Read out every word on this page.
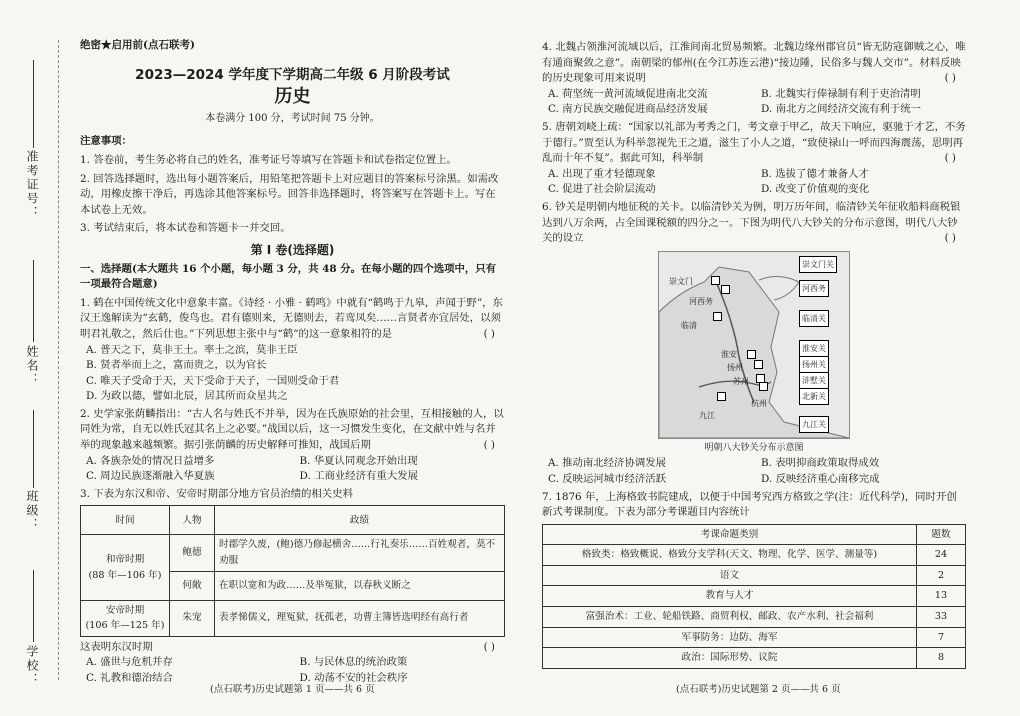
准考证号：
姓名：
班级：
学校：
绝密★启用前(点石联考)
2023—2024 学年度下学期高二年级 6 月阶段考试
历史
本卷满分 100 分，考试时间 75 分钟。
注意事项：
1. 答卷前，考生务必将自己的姓名，准考证号等填写在答题卡和试卷指定位置上。
2. 回答选择题时，选出每小题答案后，用铅笔把答题卡上对应题目的答案标号涂黑。如需改动，用橡皮擦干净后，再选涂其他答案标号。回答非选择题时，将答案写在答题卡上。写在本试卷上无效。
3. 考试结束后，将本试卷和答题卡一并交回。
第 Ⅰ 卷(选择题)
一、选择题(本大题共 16 个小题，每小题 3 分，共 48 分。在每小题的四个选项中，只有一项最符合题意)
1. 鹤在中国传统文化中意象丰富。《诗经 · 小雅 · 鹤鸣》中就有“鹤鸣于九皋，声闻于野”，东汉王逸解读为“玄鹤，俊鸟也。君有德则来，无德则去，若鸾凤矣……言贤者亦宜居处，以须明君礼敬之，然后仕也。”下列思想主张中与“鹤”的这一意象相符的是	( )
A. 普天之下，莫非王土。率土之滨，莫非王臣
B. 贤者举而上之，富而贵之，以为官长
C. 唯天子受命于天，天下受命于天子，一国则受命于君
D. 为政以德，譬如北辰，居其所而众星共之
2. 史学家张荫麟指出：“古人名与姓氏不并举，因为在氏族原始的社会里，互相接触的人，以同姓为常，自无以姓氏冠其名上之必要。”战国以后，这一习惯发生变化，在文献中姓与名并举的现象越来越频繁。据引张荫麟的历史解释可推知，战国后期	( )
A. 各族杂处的情况日益增多	B. 华夏认同观念开始出现
C. 周边民族逐渐融入华夏族	D. 工商业经济有重大发展
3. 下表为东汉和帝、安帝时期部分地方官员治绩的相关史料
时间	人物	政绩
和帝时期
(88 年—106 年)	鲍德	时郡学久废，(鲍)德乃修起横舍……行礼奏乐……百姓观者，莫不劝服
	何敞	在职以宽和为政……及举冤狱，以春秋义断之
安帝时期
(106 年—125 年)	朱宠	表孝悌儒义，理冤狱，抚孤老，功曹主簿皆选明经有高行者
这表明东汉时期	( )
A. 盛世与危机并存	B. 与民休息的统治政策
C. 礼教和德治结合	D. 动荡不安的社会秩序
4. 北魏占领淮河流域以后，江淮间南北贸易频繁。北魏边缘州郡官员“皆无防寇御贼之心，唯有通商聚敛之意”。南朝梁的郁州(在今江苏连云港)“接边陲，民俗多与魏人交市”。材料反映的历史现象可用来说明	( )
A. 荷坚统一黄河流域促进南北交流	B. 北魏实行俸禄制有利于吏治清明
C. 南方民族交融促进商品经济发展	D. 南北方之间经济交流有利于统一
5. 唐朝刘峣上疏：“国家以礼部为考秀之门，考文章于甲乙，故天下响应，驱驰于才艺，不务于德行。”贾至认为科举忽视先王之道，滋生了小人之道，“致使禄山一呼而四海震荡，思明再乱而十年不复”。据此可知，科举制	( )
A. 出现了重才轻德现象	B. 选拔了德才兼备人才
C. 促进了社会阶层流动	D. 改变了价值观的变化
6. 钞关是明朝内地征税的关卡。以临清钞关为例，明万历年间，临清钞关年征收船料商税银达到八万余两，占全国课税额的四分之一。下图为明代八大钞关的分布示意图，明代八大钞关的设立	( )
崇文门
河西务
临清
淮安
扬州
苏州
杭州
九江
崇文门关
河西务
临清关
淮安关
扬州关
浒墅关
北新关
九江关
明朝八大钞关分布示意图
A. 推动南北经济协调发展	B. 表明抑商政策取得成效
C. 反映运河城市经济活跃	D. 反映经济重心南移完成
7. 1876 年，上海格致书院建成，以便于中国考究西方格致之学(注：近代科学)，同时开创新式考课制度。下表为部分考课题目内容统计
考课命题类别	题数
格致类：格致概说、格致分支学科(天文、物理、化学、医学、测量等)	24
语文	2
教育与人才	13
富强治术：工业、轮船铁路、商贸利权、邮政、农产水利、社会福利	33
军事防务：边防、海军	7
政治：国际形势、议院	8
(点石联考)历史试题第 1 页——共 6 页	(点石联考)历史试题第 2 页——共 6 页
